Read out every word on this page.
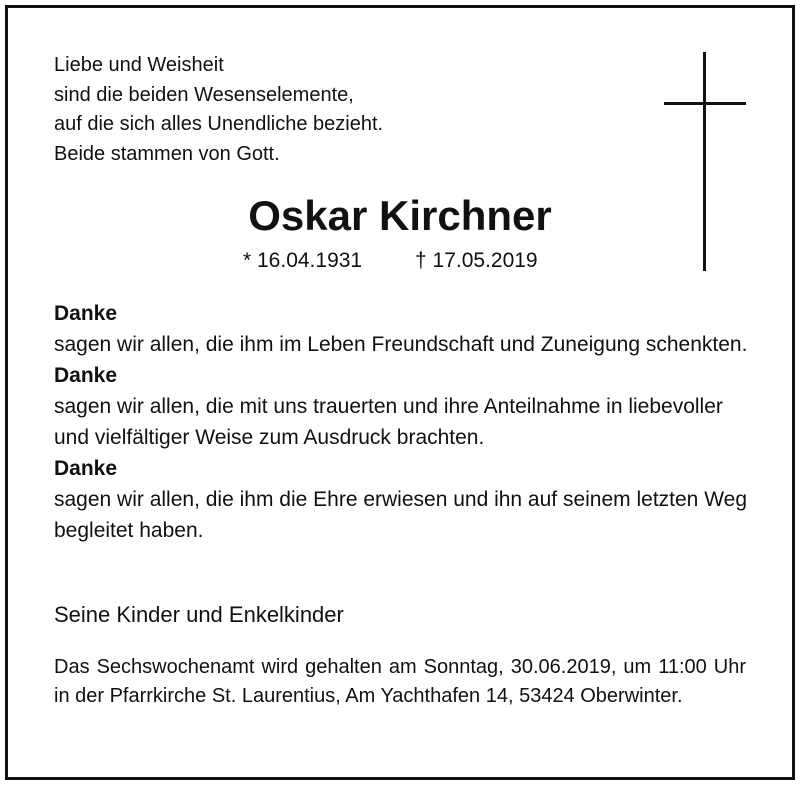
Liebe und Weisheit
sind die beiden Wesenselemente,
auf die sich alles Unendliche bezieht.
Beide stammen von Gott.
Oskar Kirchner
* 16.04.1931	† 17.05.2019
Danke
sagen wir allen, die ihm im Leben Freundschaft und Zuneigung schenkten.
Danke
sagen wir allen, die mit uns trauerten und ihre Anteilnahme in liebevoller und vielfältiger Weise zum Ausdruck brachten.
Danke
sagen wir allen, die ihm die Ehre erwiesen und ihn auf seinem letzten Weg begleitet haben.
Seine Kinder und Enkelkinder
Das Sechswochenamt wird gehalten am Sonntag, 30.06.2019, um 11:00 Uhr in der Pfarrkirche St. Laurentius, Am Yachthafen 14, 53424 Oberwinter.
